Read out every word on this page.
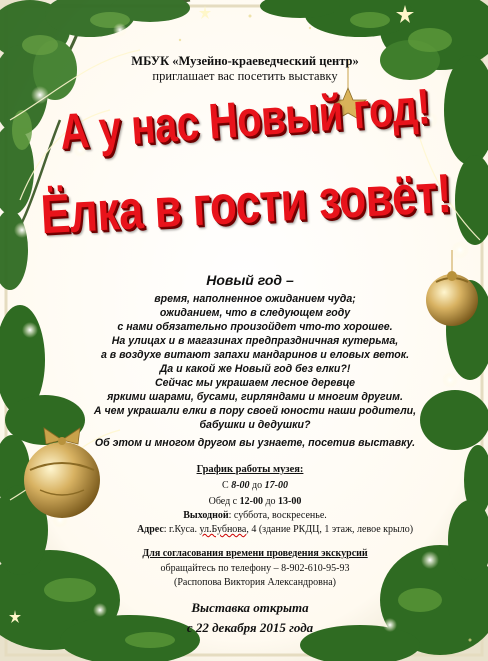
МБУК «Музейно-краеведческий центр»

приглашает вас посетить выставку

А у нас Новый год!
Ёлка в гости зовёт!

Новый год –

время, наполненное ожиданием чуда;

ожиданием, что в следующем году

с нами обязательно произойдет что-то хорошее.

На улицах и в магазинах предпраздничная кутерьма,

а в воздухе витают запахи мандаринов и еловых веток.

Да и какой же Новый год без елки?!

Сейчас мы украшаем лесное деревце

яркими шарами, бусами, гирляндами и многим другим.

А чем украшали елки в пору своей юности наши родители,

бабушки и дедушки?

Об этом и многом другом вы узнаете, посетив выставку.

График работы музея:

С 8-00 до 17-00

Обед с 12-00 до 13-00

Выходной: суббота, воскресенье.

Адрес: г.Куса. ул.Бубнова, 4 (здание РКДЦ, 1 этаж, левое крыло)

Для согласования времени проведения экскурсий

обращайтесь по телефону – 8-902-610-95-93

(Распопова Виктория Александровна)

Выставка открыта

с 22 декабря 2015 года
